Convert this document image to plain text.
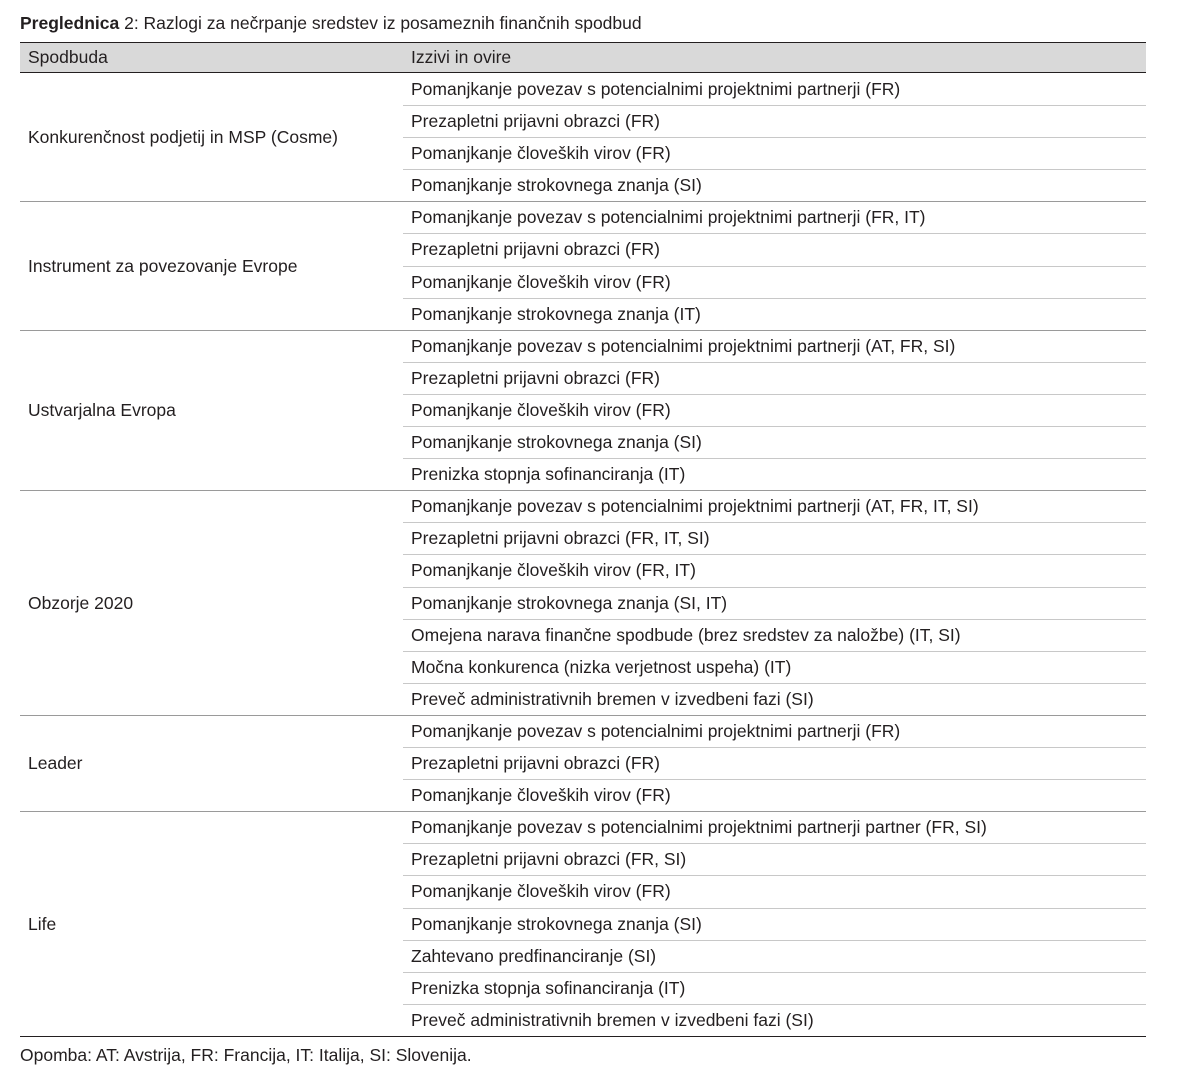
Preglednica 2: Razlogi za nečrpanje sredstev iz posameznih finančnih spodbud
Spodbuda	Izzivi in ovire
Konkurenčnost podjetij in MSP (Cosme)
Pomanjkanje povezav s potencialnimi projektnimi partnerji (FR)
Prezapletni prijavni obrazci (FR)
Pomanjkanje človeških virov (FR)
Pomanjkanje strokovnega znanja (SI)
Instrument za povezovanje Evrope
Pomanjkanje povezav s potencialnimi projektnimi partnerji (FR, IT)
Prezapletni prijavni obrazci (FR)
Pomanjkanje človeških virov (FR)
Pomanjkanje strokovnega znanja (IT)
Ustvarjalna Evropa
Pomanjkanje povezav s potencialnimi projektnimi partnerji (AT, FR, SI)
Prezapletni prijavni obrazci (FR)
Pomanjkanje človeških virov (FR)
Pomanjkanje strokovnega znanja (SI)
Prenizka stopnja sofinanciranja (IT)
Obzorje 2020
Pomanjkanje povezav s potencialnimi projektnimi partnerji (AT, FR, IT, SI)
Prezapletni prijavni obrazci (FR, IT, SI)
Pomanjkanje človeških virov (FR, IT)
Pomanjkanje strokovnega znanja (SI, IT)
Omejena narava finančne spodbude (brez sredstev za naložbe) (IT, SI)
Močna konkurenca (nizka verjetnost uspeha) (IT)
Preveč administrativnih bremen v izvedbeni fazi (SI)
Leader
Pomanjkanje povezav s potencialnimi projektnimi partnerji (FR)
Prezapletni prijavni obrazci (FR)
Pomanjkanje človeških virov (FR)
Life
Pomanjkanje povezav s potencialnimi projektnimi partnerji partner (FR, SI)
Prezapletni prijavni obrazci (FR, SI)
Pomanjkanje človeških virov (FR)
Pomanjkanje strokovnega znanja (SI)
Zahtevano predfinanciranje (SI)
Prenizka stopnja sofinanciranja (IT)
Preveč administrativnih bremen v izvedbeni fazi (SI)
Opomba: AT: Avstrija, FR: Francija, IT: Italija, SI: Slovenija.
